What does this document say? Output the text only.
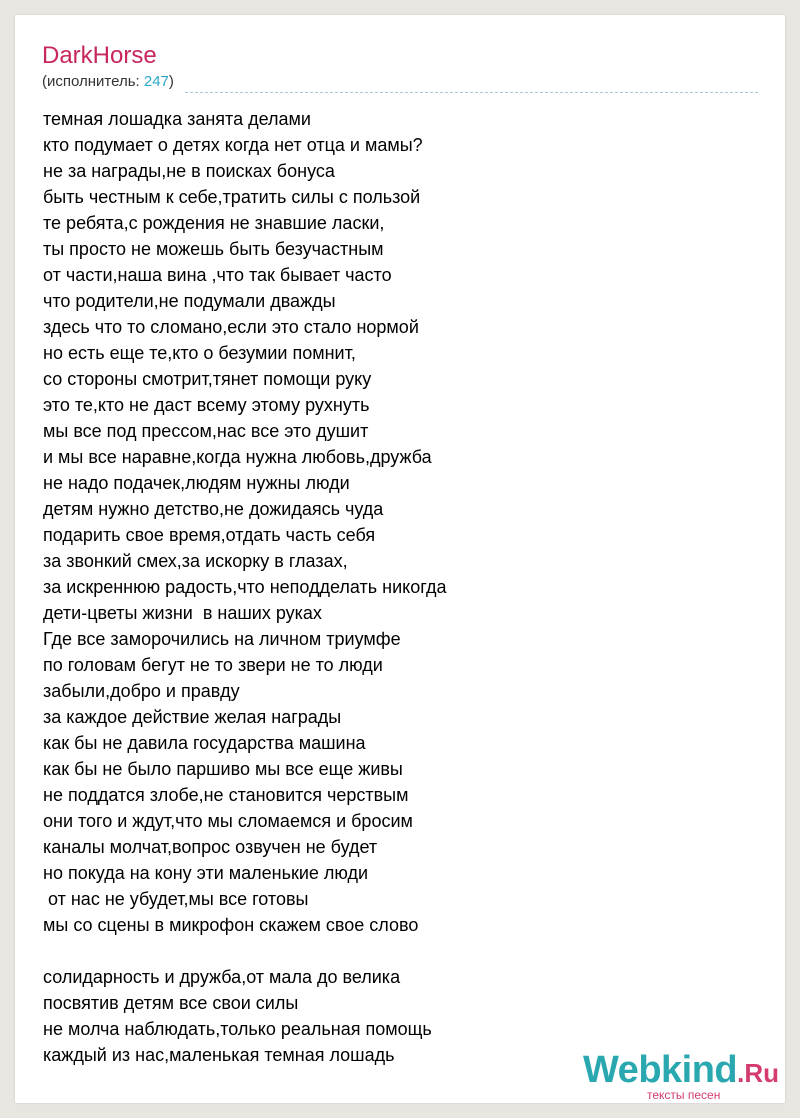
DarkHorse
(исполнитель: 247)
темная лошадка занята делами
кто подумает о детях когда нет отца и мамы?
не за награды,не в поисках бонуса
быть честным к себе,тратить силы с пользой
те ребята,с рождения не знавшие ласки,
ты просто не можешь быть безучастным
от части,наша вина ,что так бывает часто
что родители,не подумали дважды
здесь что то сломано,если это стало нормой
но есть еще те,кто о безумии помнит,
со стороны смотрит,тянет помощи руку
это те,кто не даст всему этому рухнуть
мы все под прессом,нас все это душит
и мы все наравне,когда нужна любовь,дружба
не надо подачек,людям нужны люди
детям нужно детство,не дожидаясь чуда
подарить свое время,отдать часть себя
за звонкий смех,за искорку в глазах,
за искреннюю радость,что неподделать никогда
дети-цветы жизни  в наших руках
Где все заморочились на личном триумфе
по головам бегут не то звери не то люди
забыли,добро и правду
за каждое действие желая награды
как бы не давила государства машина
как бы не было паршиво мы все еще живы
не поддатся злобе,не становится черствым
они того и ждут,что мы сломаемся и бросим
каналы молчат,вопрос озвучен не будет
но покуда на кону эти маленькие люди
от нас не убудет,мы все готовы
мы со сцены в микрофон скажем свое слово
солидарность и дружба,от мала до велика
посвятив детям все свои силы
не молча наблюдать,только реальная помощь
каждый из нас,маленькая темная лошадь	Webkind.Ru
тексты песен
